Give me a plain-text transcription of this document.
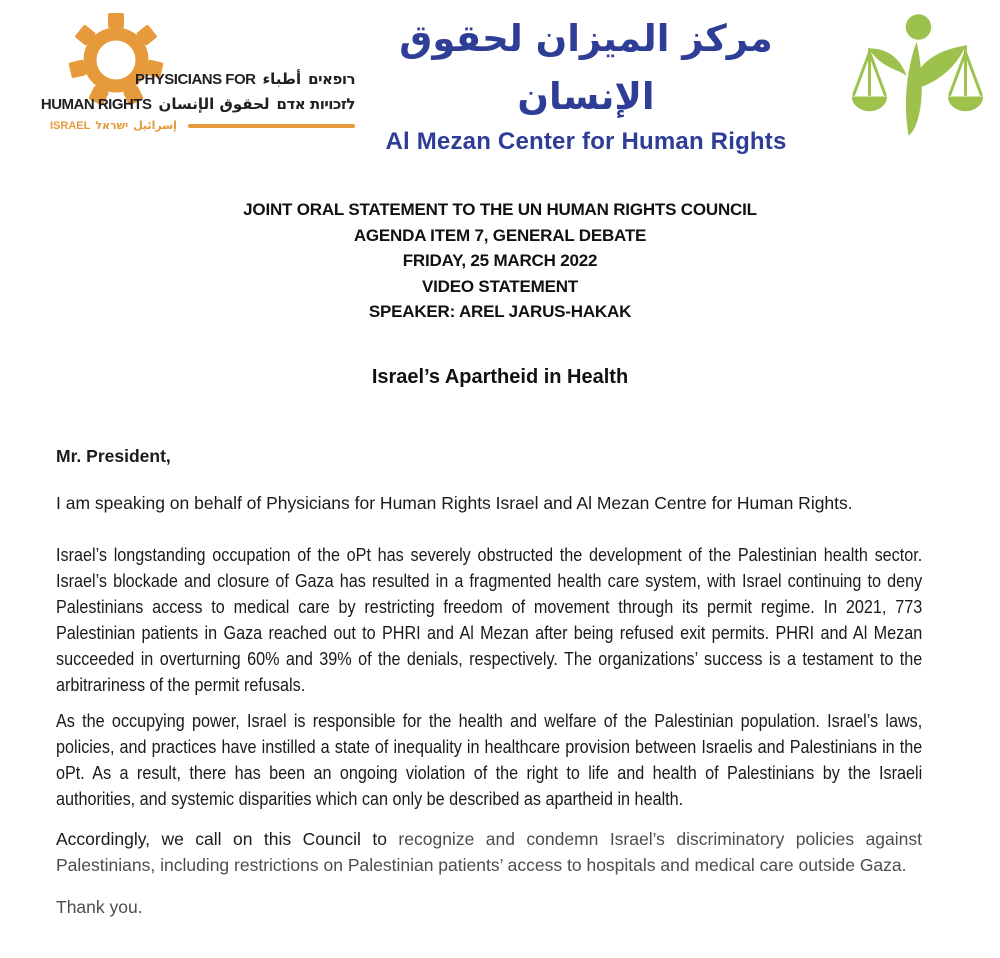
PHYSICIANS FOR أطباء רופאים
HUMAN RIGHTS لحقوق الإنسان לזכויות אדם
ISRAEL ישראל إسرائيل
مركز الميزان لحقوق الإنسان
Al Mezan Center for Human Rights
JOINT ORAL STATEMENT TO THE UN HUMAN RIGHTS COUNCIL
AGENDA ITEM 7, GENERAL DEBATE
FRIDAY, 25 MARCH 2022
VIDEO STATEMENT
SPEAKER: AREL JARUS-HAKAK
Israel’s Apartheid in Health

Mr. President,

I am speaking on behalf of Physicians for Human Rights Israel and Al Mezan Centre for Human Rights.

Israel’s longstanding occupation of the oPt has severely obstructed the development of the Palestinian health sector. Israel’s blockade and closure of Gaza has resulted in a fragmented health care system, with Israel continuing to deny Palestinians access to medical care by restricting freedom of movement through its permit regime. In 2021, 773 Palestinian patients in Gaza reached out to PHRI and Al Mezan after being refused exit permits. PHRI and Al Mezan succeeded in overturning 60% and 39% of the denials, respectively. The organizations’ success is a testament to the arbitrariness of the permit refusals.

As the occupying power, Israel is responsible for the health and welfare of the Palestinian population. Israel’s laws, policies, and practices have instilled a state of inequality in healthcare provision between Israelis and Palestinians in the oPt. As a result, there has been an ongoing violation of the right to life and health of Palestinians by the Israeli authorities, and systemic disparities which can only be described as apartheid in health.

Accordingly, we call on this Council to recognize and condemn Israel’s discriminatory policies against Palestinians, including restrictions on Palestinian patients’ access to hospitals and medical care outside Gaza.

Thank you.
